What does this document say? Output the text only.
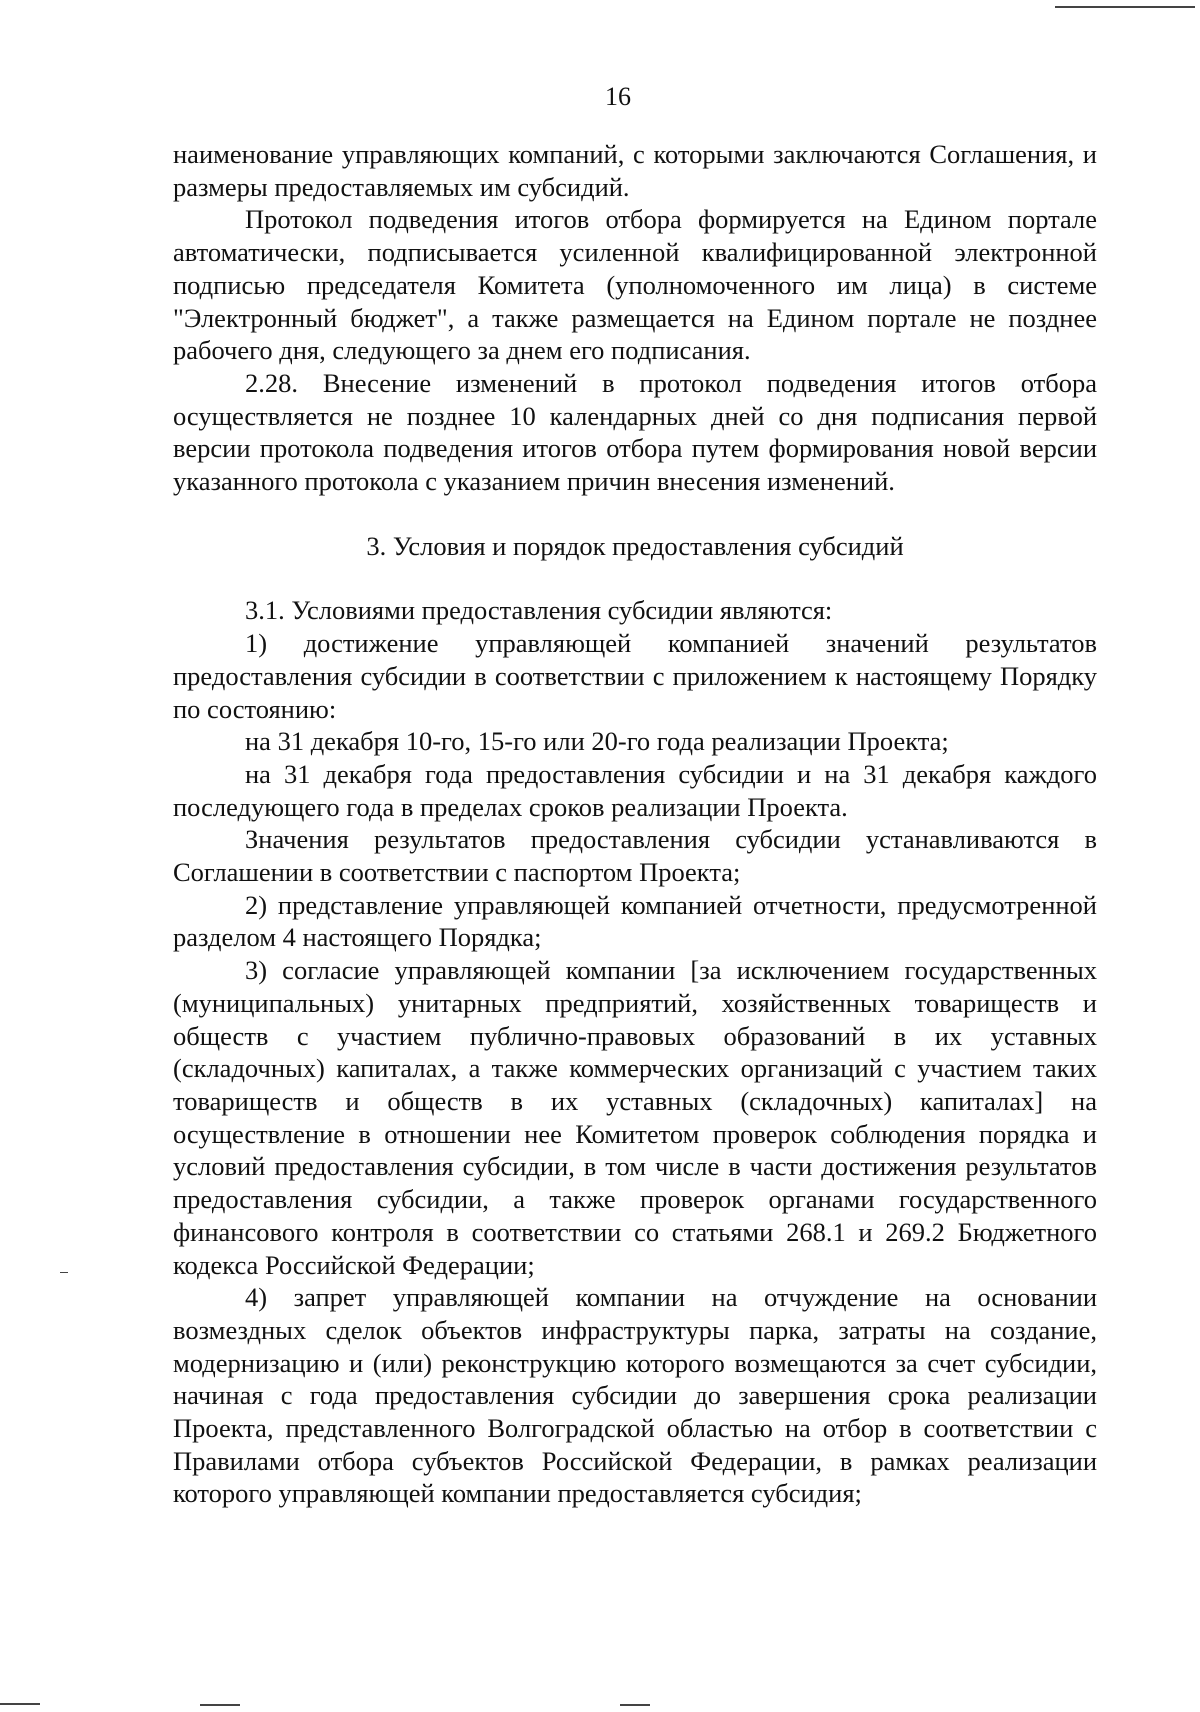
16

наименование управляющих компаний, с которыми заключаются Соглашения, и размеры предоставляемых им субсидий.

Протокол подведения итогов отбора формируется на Едином портале автоматически, подписывается усиленной квалифицированной электронной подписью председателя Комитета (уполномоченного им лица) в системе "Электронный бюджет", а также размещается на Едином портале не позднее рабочего дня, следующего за днем его подписания.

2.28. Внесение изменений в протокол подведения итогов отбора осуществляется не позднее 10 календарных дней со дня подписания первой версии протокола подведения итогов отбора путем формирования новой версии указанного протокола с указанием причин внесения изменений.

3. Условия и порядок предоставления субсидий

3.1. Условиями предоставления субсидии являются:

1) достижение управляющей компанией значений результатов предоставления субсидии в соответствии с приложением к настоящему Порядку по состоянию:

на 31 декабря 10-го, 15-го или 20-го года реализации Проекта;

на 31 декабря года предоставления субсидии и на 31 декабря каждого последующего года в пределах сроков реализации Проекта.

Значения результатов предоставления субсидии устанавливаются в Соглашении в соответствии с паспортом Проекта;

2) представление управляющей компанией отчетности, предусмотренной разделом 4 настоящего Порядка;

3) согласие управляющей компании [за исключением государственных (муниципальных) унитарных предприятий, хозяйственных товариществ и обществ с участием публично-правовых образований в их уставных (складочных) капиталах, а также коммерческих организаций с участием таких товариществ и обществ в их уставных (складочных) капиталах] на осуществление в отношении нее Комитетом проверок соблюдения порядка и условий предоставления субсидии, в том числе в части достижения результатов предоставления субсидии, а также проверок органами государственного финансового контроля в соответствии со статьями 268.1 и 269.2 Бюджетного кодекса Российской Федерации;

4) запрет управляющей компании на отчуждение на основании возмездных сделок объектов инфраструктуры парка, затраты на создание, модернизацию и (или) реконструкцию которого возмещаются за счет субсидии, начиная с года предоставления субсидии до завершения срока реализации Проекта, представленного Волгоградской областью на отбор в соответствии с Правилами отбора субъектов Российской Федерации, в рамках реализации которого управляющей компании предоставляется субсидия;
